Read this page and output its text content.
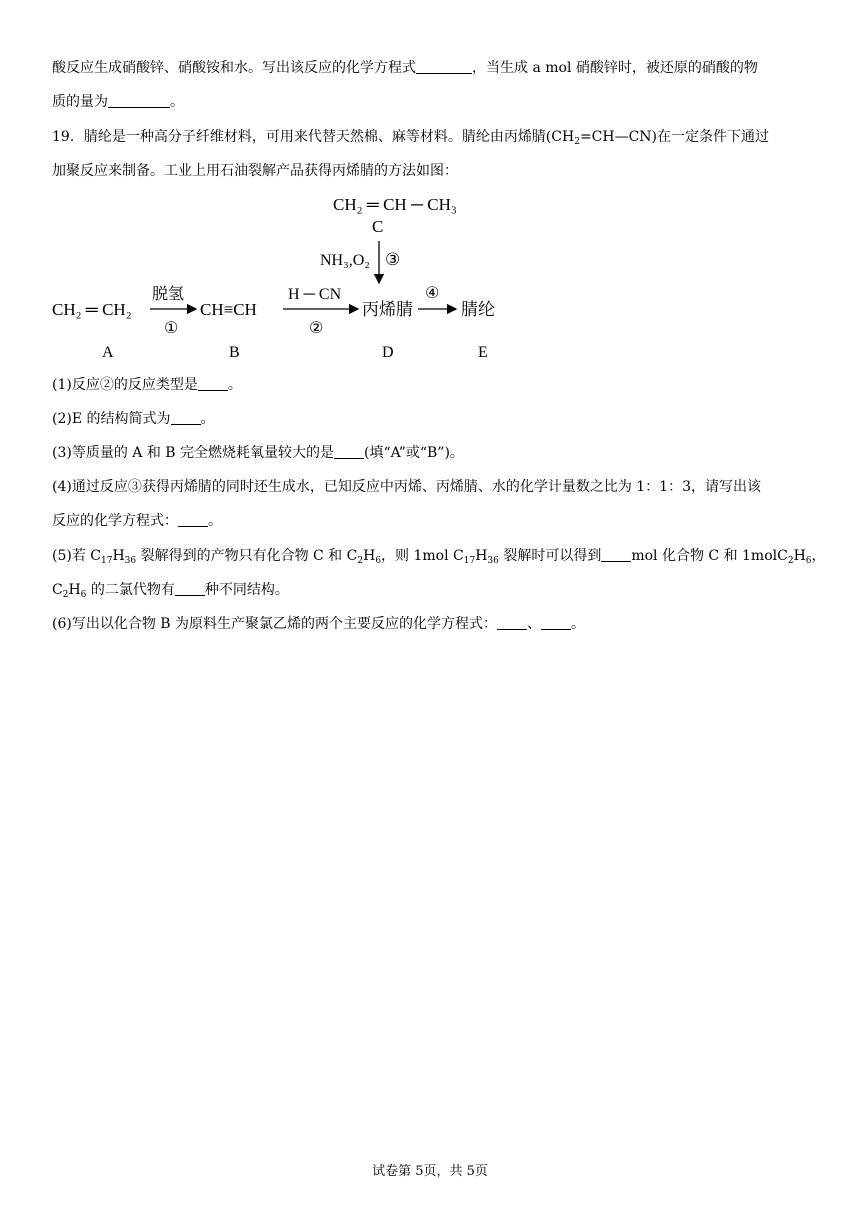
酸反应生成硝酸锌、硝酸铵和水。写出该反应的化学方程式	，当生成 a mol 硝酸锌时，被还原的硝酸的物
质的量为	。
19．腈纶是一种高分子纤维材料，可用来代替天然棉、麻等材料。腈纶由丙烯腈$(CH_2=CH—CN)$在一定条件下通过
加聚反应来制备。工业上用石油裂解产品获得丙烯腈的方法如图：
CH₂ ═ CH ─ CH₃
C
NH₃,O₂ ③
CH₂ ═ CH₂
脱氢
①
CH≡CH
H ─ CN
②
丙烯腈
④
腈纶
A	B	D	E
(1)反应②的反应类型是 。
(2)E 的结构简式为 。
(3)等质量的 A 和 B 完全燃烧耗氧量较大的是 (填“A”或“B”)。
(4)通过反应③获得丙烯腈的同时还生成水，已知反应中丙烯、丙烯腈、水的化学计量数之比为 1：1：3，请写出该
反应的化学方程式： 。
(5)若 $C_{17}H_{36}$ 裂解得到的产物只有化合物 C 和 $C_2H_6$，则 1mol $C_{17}H_{36}$ 裂解时可以得到 mol 化合物 C 和 $1molC_2H_6$，
$C_2H_6$ 的二氯代物有 种不同结构。
(6)写出以化合物 B 为原料生产聚氯乙烯的两个主要反应的化学方程式： 、 。
试卷第 5页，共 5页
